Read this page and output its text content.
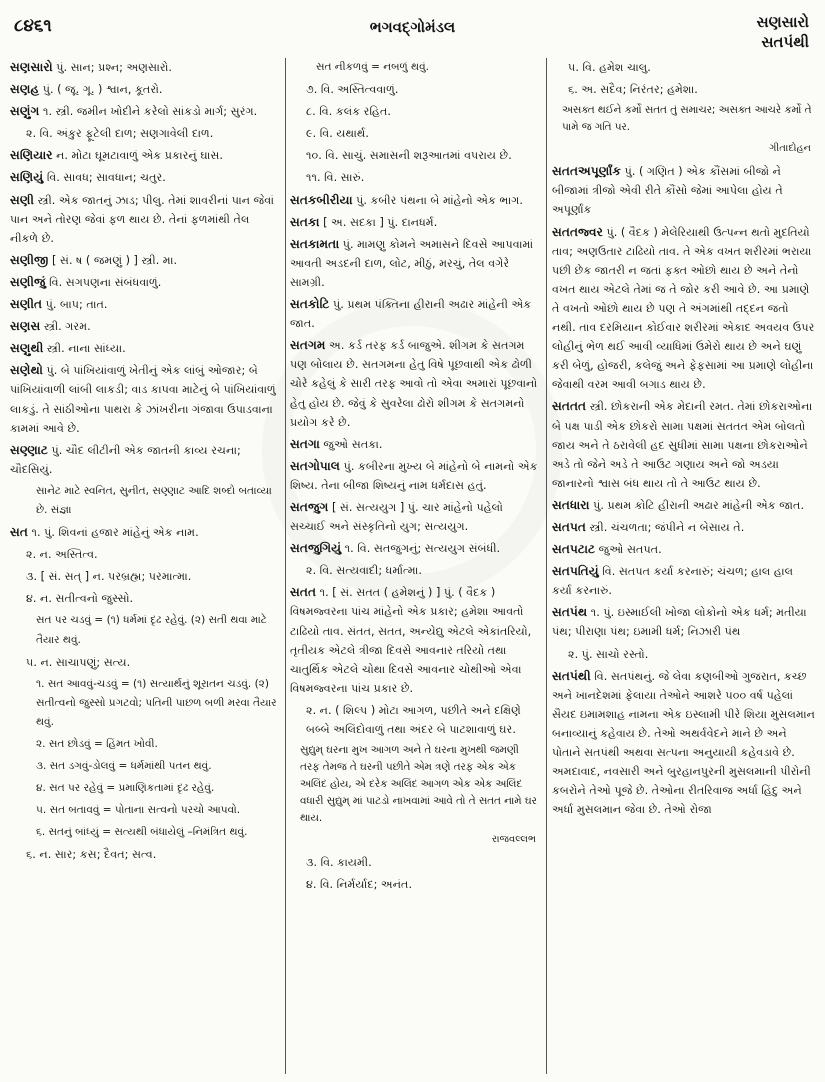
૮૪૬૧	ભગવદ્ગોમંડલ	સણસારો
સતપંથી
સણસારો પું. સાન; પ્રશ્ન; અણસારો.
સણહ પું. ( જૂ. ગૂ. ) શ્વાન, કૂતરો.
સણુંગ ૧. સ્ત્રી. જમીન ખોદીને કરેલો સાંકડો માર્ગ; સુરંગ.
૨. વિ. અંકુર ફૂટેલી દાળ; સણગાવેલી દાળ.
સણિયાર ન. મોટા ઘૂમટાવાળું એક પ્રકારનું ઘાસ.
સણિયું વિ. સાવધ; સાવધાન; ચતુર.
સણી સ્ત્રી. એક જાતનું ઝાડ; પીલુ. તેમાં શાવરીનાં પાન જેવાં પાન અને તોરણ જેવાં ફળ થાય છે. તેનાં ફળમાંથી તેલ નીકળે છે.
સણીજી [ સં. ષ ( જમણું ) ] સ્ત્રી. મા.
સણીજું વિ. સગપણના સંબંધવાળું.
સણીત પું. બાપ; તાત.
સણસ સ્ત્રી. ગરમ.
સણુથી સ્ત્રી. નાના સાંધ્યા.
સણેથો પું. બે પાંખિયાંવાળું ખેતીનું એક લાંબું ઓજાર; બે પાંખિયાંવાળી લાંબી લાકડી; વાડ કાપવા માટેનું બે પાંખિયાંવાળું લાકડું. તે સાંઠીઓના પાથરા કે ઝાંખરીના ગંજાવા ઉપાડવાના કામમાં આવે છે.
સણ્ણાટ પું. ચૌદ લીટીની એક જાતની કાવ્ય રચના; ચૌદસિયું.
સાનેટ માટે સ્વનિત, સુનીત, સણ્ણાટ આદિ શબ્દો બતાવ્યા છે. સંજ્ઞા
સત ૧. પું. શિવનાં હજાર માંહેનું એક નામ.
૨. ન. અસ્તિત્વ.
૩. [ સં. સત્ ] ન. પરબ્રહ્મ; પરમાત્મા.
૪. ન. સતીત્વનો જુસ્સો.
સત પર ચડવું = (૧) ધર્મમાં દૃઢ રહેવું. (૨) સતી થવા માટે તૈયાર થવું.
૫. ન. સાચાપણું; સત્ય.
૧. સત આવવું-ચડવું = (૧) સત્યાર્થનું શૂરાતન ચડવું. (૨) સતીત્વનો જુસ્સો પ્રગટવો; પતિની પાછળ બળી મરવા તૈયાર થવું.
૨. સત છોડવું = હિંમત ખોવી.
૩. સત ડગવું-ડોલવું = ધર્મમાંથી પતન થવું.
૪. સત પર રહેવું = પ્રમાણિકતામાં દૃઢ રહેવું.
૫. સત બતાવવું = પોતાના સત્વનો પરચો આપવો.
૬. સતનું બાંધ્યું = સત્યથી બંધાયેલું –નિમંત્રિત થવું.
૬. ન. સાર; કસ; દૈવત; સત્વ.
સત નીકળવું = નબળું થવું.
૭. વિ. અસ્તિત્વવાળું.
૮. વિ. કલંક રહિત.
૯. વિ. યથાર્થ.
૧૦. વિ. સાચું. સમાસની શરૂઆતમાં વપરાય છે.
૧૧. વિ. સારું.
સતકબીરીયા પું. કબીર પંથના બે માંહેનો એક ભાગ.
સતકા [ અ. સદકા ] પું. દાનધર્મ.
સતકામતા પું. મામણુ કોમને અમાસને દિવસે આપવામાં આવતી અડદની દાળ, લોટ, મીઠું, મરચું, તેલ વગેરે સામગ્રી.
સતકોટિ પું. પ્રથમ પંક્તિના હીરાની અઢાર માંહેની એક જાત.
સતગમ અ. કર્ડ તરફ કર્ડ બાજુએ. શીગમ કે સતગમ પણ બોલાય છે. સતગમના હેતુ વિષે પૂછવાથી એક ઢોળી ચોરે કહેલું કે સારી તરફ આવો તો એવા અમારાં પૂછવાનો હેતુ હોય છે. જેવું કે સુવરેલા ઢોરો શીગમ કે સતગમનો પ્રયોગ કરે છે.
સતગા જુઓ સતકા.
સતગોપાલ પું. કબીરના મુખ્ય બે માંહેનો બે નામનો એક શિષ્ય. તેના બીજા શિષ્યનું નામ ધર્મદાસ હતું.
સતજુગ [ સં. સત્યયુગ ] પું. ચાર માંહેનો પહેલો સચ્ચાઈ અને સંસ્કૃતિનો યુગ; સત્યયુગ.
સતજુગિયું ૧. વિ. સતજુગનું; સત્યયુગ સંબંધી.
૨. વિ. સત્યવાદી; ધર્માત્મા.
સતત ૧. [ સં. સતત ( હમેશનું ) ] પું. ( વૈદક ) વિષમજ્વરના પાંચ માંહેનો એક પ્રકાર; હમેશા આવતો ટાઢિયો તાવ. સંતત, સતત, અન્યેદ્યુ એટલે એકાંતરિયો, તૃતીયક એટલે ત્રીજા દિવસે આવનાર તરિયો તથા ચાતુર્થિક એટલે ચોથા દિવસે આવનાર ચોથીઓ એવા વિષમજ્વરના પાંચ પ્રકાર છે.
૨. ન. ( શિલ્પ ) મોટા આગળ, પછીતે અને દક્ષિણે બબ્બે અલિંદોવાળું તથા અંદર બે પાટશાવાળું ઘર.
સુદ્યુમ્ ઘરના મુખ આગળ અને તે ઘરના મુખથી જમણી તરફ તેમજ તે ઘરની પછીતે એમ ત્રણે તરફ એક એક અલિંદ હોય, એ દરેક અલિંદ આગળ એક એક અલિંદ વધારી સુદ્યુમ્ માં પાટડો નાખવામાં આવે તો તે સતત નામે ઘર થાય.
રાજવલ્લભ
૩. વિ. કાયમી.
૪. વિ. નિર્મર્યાદ; અનંત.
૫. વિ. હમેશ ચાલુ.
૬. અ. સદૈવ; નિરંતર; હમેશા.
અસક્ત થઈને કર્મો સતત તું સમાચર; અસક્ત આચરે કર્મો તે પામે જ ગતિ પર.
ગીતાદોહન
સતતઅપૂર્ણાંક પું. ( ગણિત ) એક કૌંસમાં બીજો ને બીજામાં ત્રીજો એવી રીતે કૌંસો જેમાં આપેલા હોય તે અપૂર્ણાંક
સતતજ્વર પું. ( વૈદક ) મેલેરિયાથી ઉત્પન્ન થતો મુદતિયો તાવ; અણઉતાર ટાઢિયો તાવ. તે એક વખત શરીરમાં ભરાયા પછી છેક જાતરી ન જતાં ફક્ત ઓછો થાય છે અને તેનો વખત થાય એટલે તેમાં જ તે જોર કરી આવે છે. આ પ્રમાણે તે વખતો ઓછો થાય છે પણ તે અંગમાંથી તદ્દન જતો નથી. તાવ દરમિયાન કોઈવાર શરીરમાં એકાદ અવયવ ઉપર લોહીનું ભેળ થઈ આવી વ્યાધિમાં ઉમેરો થાય છે અને ઘણું કરી બેળું, હોજરી, કલેજું અને ફેફસામાં આ પ્રમાણે લોહીના જેવાથી વરમ આવી બગાડ થાય છે.
સતતત સ્ત્રી. છોકરાની એક મેદાની રમત. તેમાં છોકરાઓના બે પક્ષ પાડી એક છોકરો સામા પક્ષમાં સતતત એમ બોલતો જાય અને તે ઠરાવેલી હદ સુધીમાં સામા પક્ષના છોકરાઓને અડે તો જેને અડે તે આઉટ ગણાય અને જો અડયા જાનારનો શ્વાસ બંધ થાય તો તે આઉટ થાય છે.
સતધારા પું. પ્રથમ કોટિ હીરાની અઢાર માંહેની એક જાત.
સતપત સ્ત્રી. ચંચળતા; જંપીને ન બેસાય તે.
સતપટાટ જુઓ સતપત.
સતપતિયું વિ. સતપત કર્યા કરનારું; ચંચળ; હાલ હાલ કર્યા કરનારું.
સતપંથ ૧. પું. ઇસ્માઈલી ખોજા લોકોનો એક ધર્મ; મતીયા પંથ; પીરાણા પંથ; ઇમામી ધર્મ; નિઝારી પંથ
૨. પું. સાચો રસ્તો.
સતપંથી વિ. સતપંથનું. જે લેવા કણબીઓ ગુજરાત, કચ્છ અને ખાનદેશમાં ફેલાયા તેઓને આશરે ૫૦૦ વર્ષ પહેલાં સૈયદ ઇમામશાહ નામના એક ઇસ્લામી પીરે શિયા મુસલમાન બનાવ્યાનું કહેવાય છે. તેઓ અથર્વવેદને માને છે અને પોતાને સતપંથી અથવા સત્પના અનુયાયી કહેવડાવે છે. અમદાવાદ, નવસારી અને બુરહાનપુરની મુસલમાની પીરોની કબરોને તેઓ પૂજે છે. તેઓના રીતરિવાજ અર્ધા હિંદુ અને અર્ધા મુસલમાન જેવા છે. તેઓ રોજા
